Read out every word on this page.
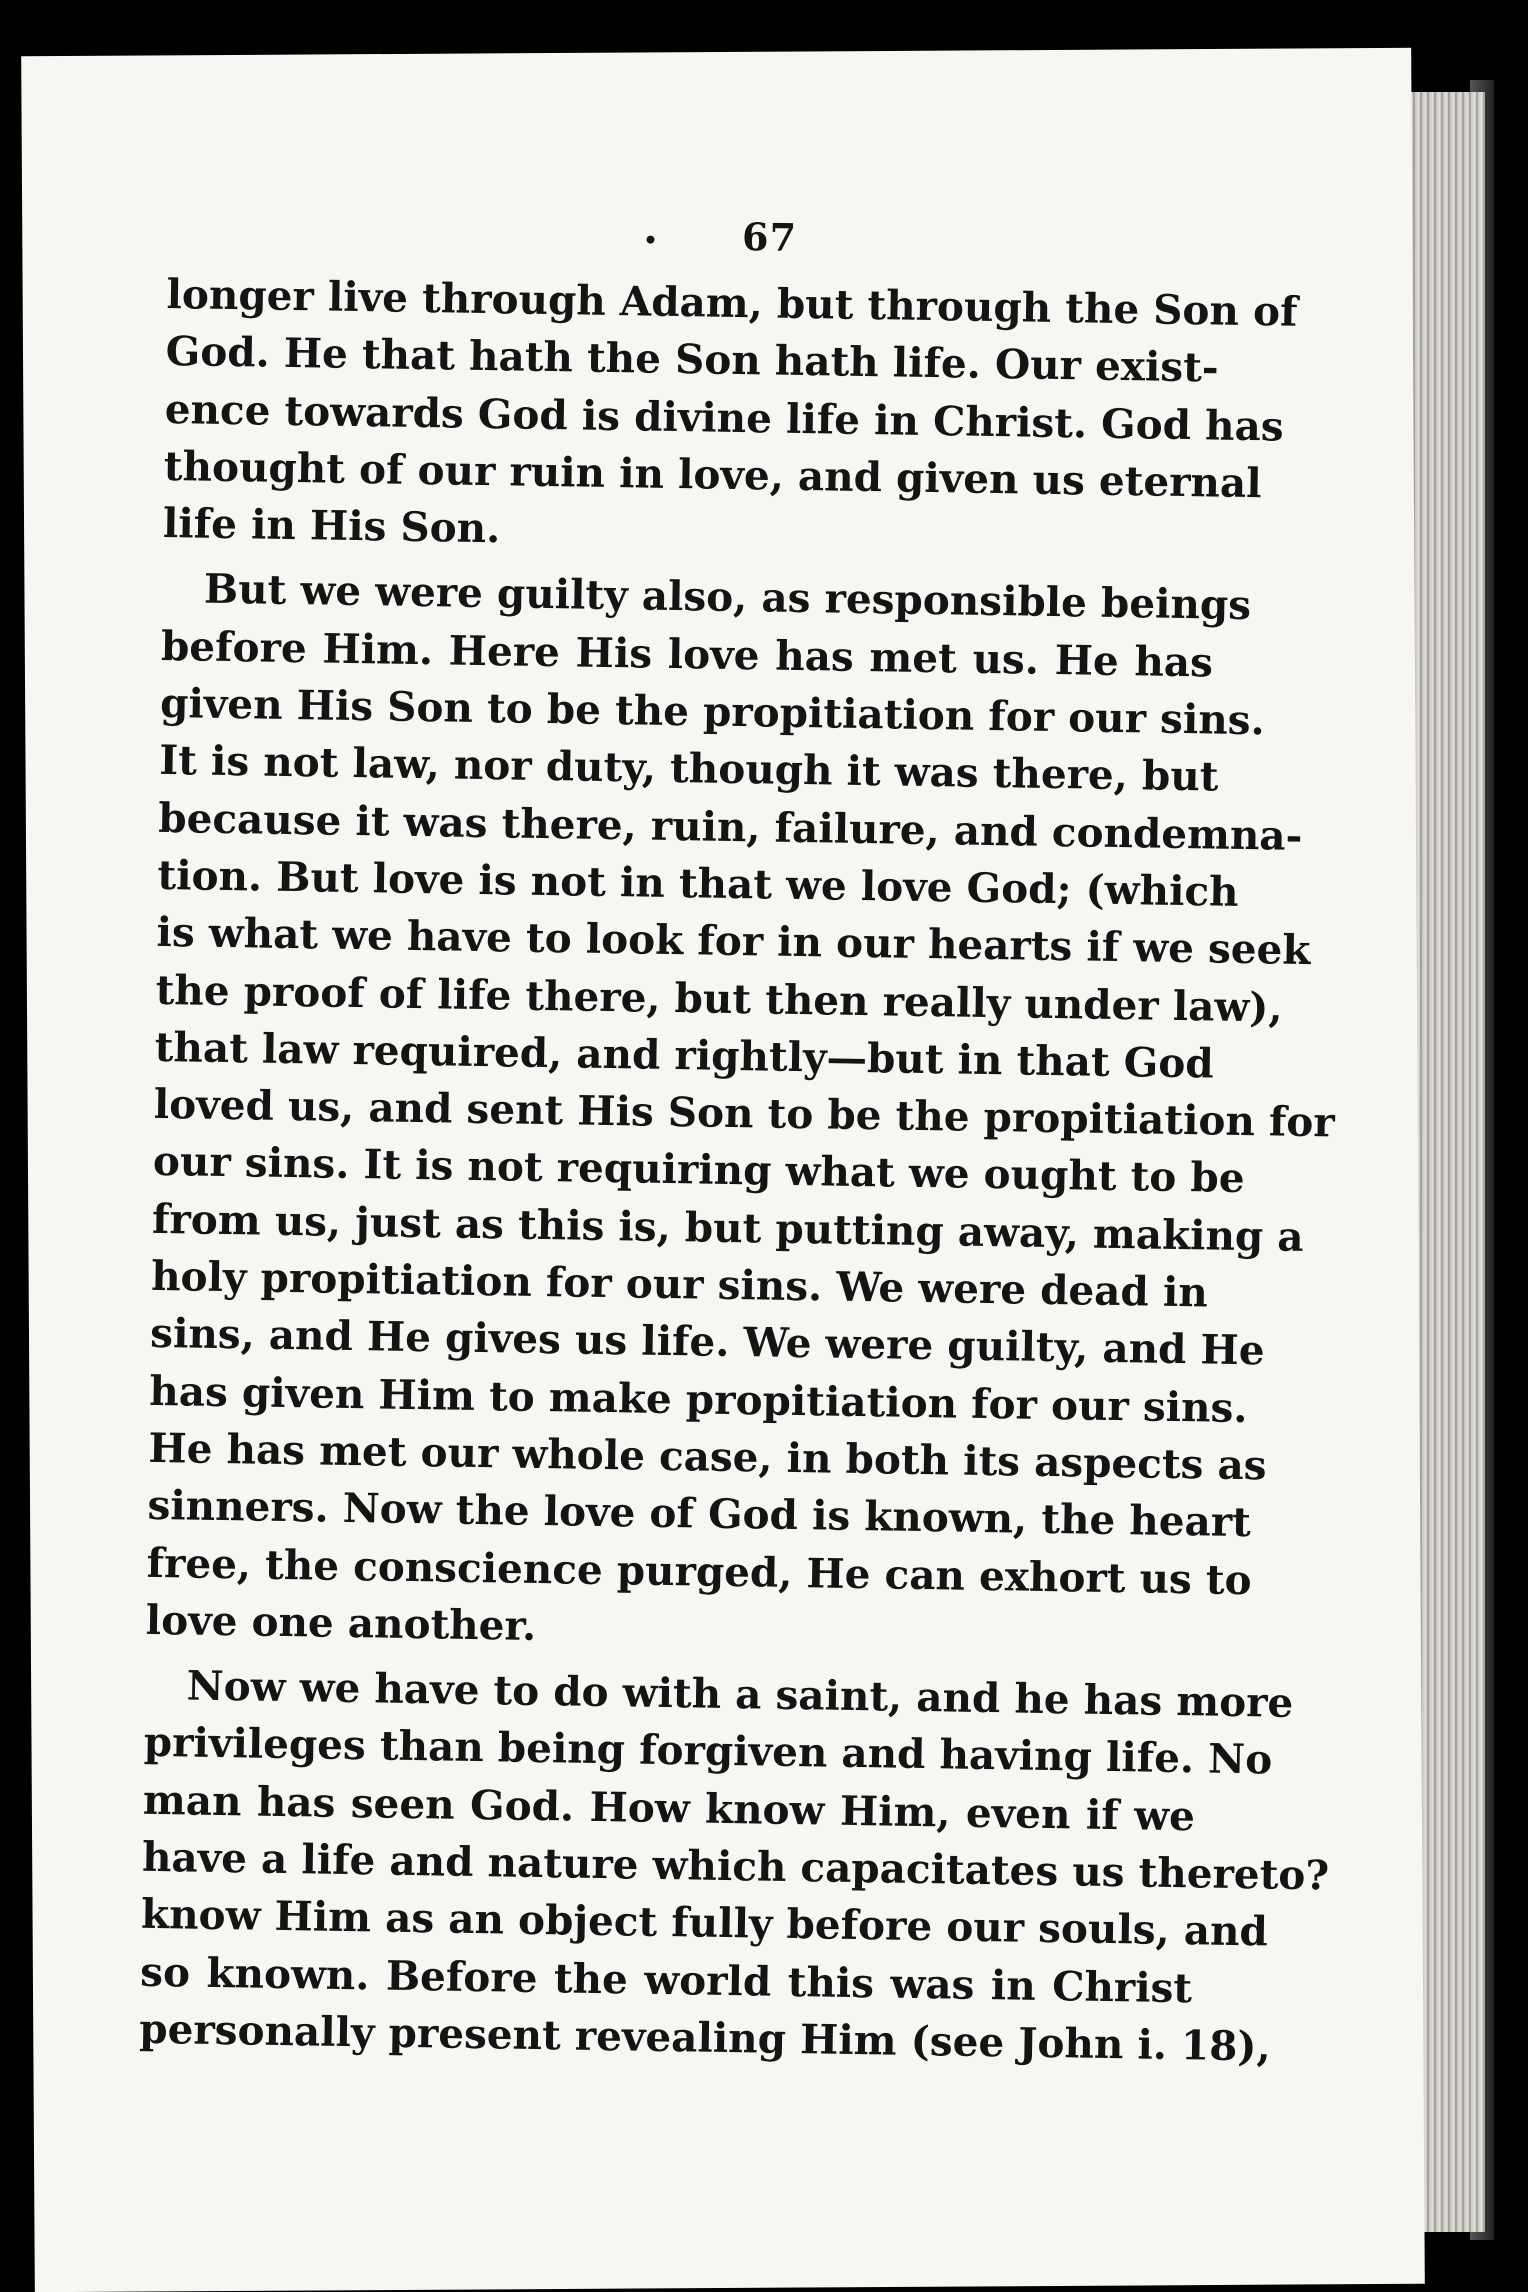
67
longer live through Adam, but through the Son of
God. He that hath the Son hath life. Our exist-
ence towards God is divine life in Christ. God has
thought of our ruin in love, and given us eternal
life in His Son.
But we were guilty also, as responsible beings
before Him. Here His love has met us. He has
given His Son to be the propitiation for our sins.
It is not law, nor duty, though it was there, but
because it was there, ruin, failure, and condemna-
tion. But love is not in that we love God; (which
is what we have to look for in our hearts if we seek
the proof of life there, but then really under law),
that law required, and rightly—but in that God
loved us, and sent His Son to be the propitiation for
our sins. It is not requiring what we ought to be
from us, just as this is, but putting away, making a
holy propitiation for our sins. We were dead in
sins, and He gives us life. We were guilty, and He
has given Him to make propitiation for our sins.
He has met our whole case, in both its aspects as
sinners. Now the love of God is known, the heart
free, the conscience purged, He can exhort us to
love one another.
Now we have to do with a saint, and he has more
privileges than being forgiven and having life. No
man has seen God. How know Him, even if we
have a life and nature which capacitates us thereto?
know Him as an object fully before our souls, and
so known. Before the world this was in Christ
personally present revealing Him (see John i. 18),
